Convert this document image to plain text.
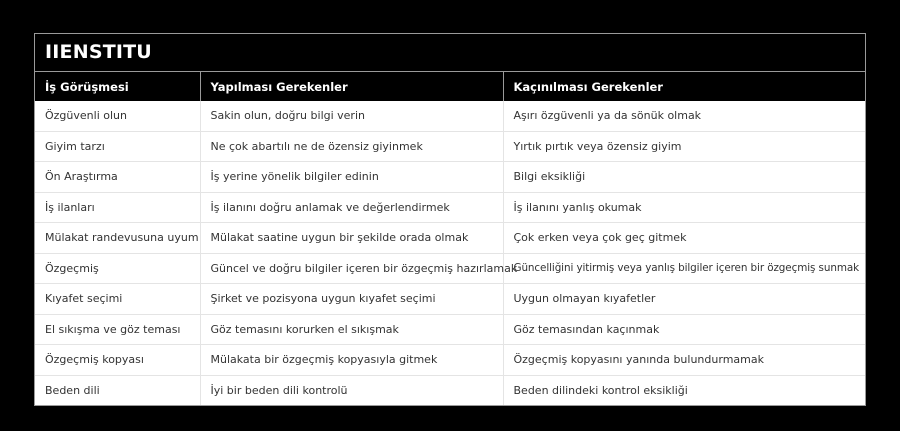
IIENSTITU
İş Görüşmesi	Yapılması Gerekenler	Kaçınılması Gerekenler
Özgüvenli olun	Sakin olun, doğru bilgi verin	Aşırı özgüvenli ya da sönük olmak
Giyim tarzı	Ne çok abartılı ne de özensiz giyinmek	Yırtık pırtık veya özensiz giyim
Ön Araştırma	İş yerine yönelik bilgiler edinin	Bilgi eksikliği
İş ilanları	İş ilanını doğru anlamak ve değerlendirmek	İş ilanını yanlış okumak
Mülakat randevusuna uyum	Mülakat saatine uygun bir şekilde orada olmak	Çok erken veya çok geç gitmek
Özgeçmiş	Güncel ve doğru bilgiler içeren bir özgeçmiş hazırlamak	Güncelliğini yitirmiş veya yanlış bilgiler içeren bir özgeçmiş sunmak
Kıyafet seçimi	Şirket ve pozisyona uygun kıyafet seçimi	Uygun olmayan kıyafetler
El sıkışma ve göz teması	Göz temasını korurken el sıkışmak	Göz temasından kaçınmak
Özgeçmiş kopyası	Mülakata bir özgeçmiş kopyasıyla gitmek	Özgeçmiş kopyasını yanında bulundurmamak
Beden dili	İyi bir beden dili kontrolü	Beden dilindeki kontrol eksikliği
